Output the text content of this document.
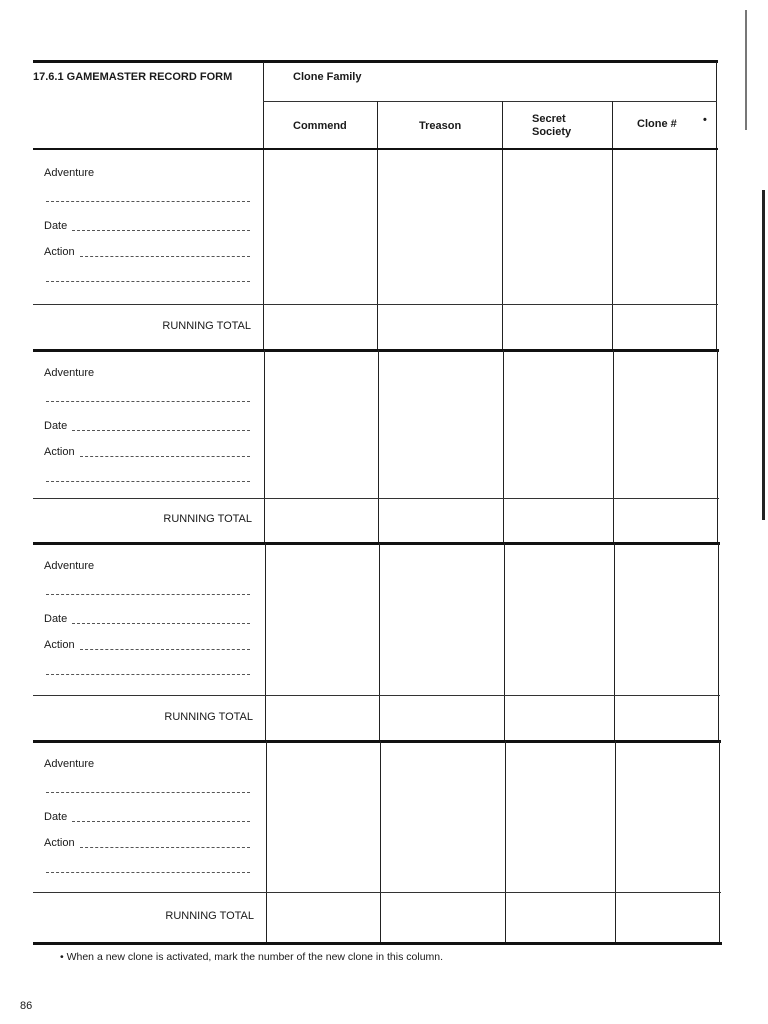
17.6.1 GAMEMASTER RECORD FORM	Clone Family
Commend	Treason
Secret
Society
Clone # •
Adventure
Date
Action
RUNNING TOTAL
Adventure
Date
Action
RUNNING TOTAL
Adventure
Date
Action
RUNNING TOTAL
Adventure
Date
Action
RUNNING TOTAL
• When a new clone is activated, mark the number of the new clone in this column.
86
